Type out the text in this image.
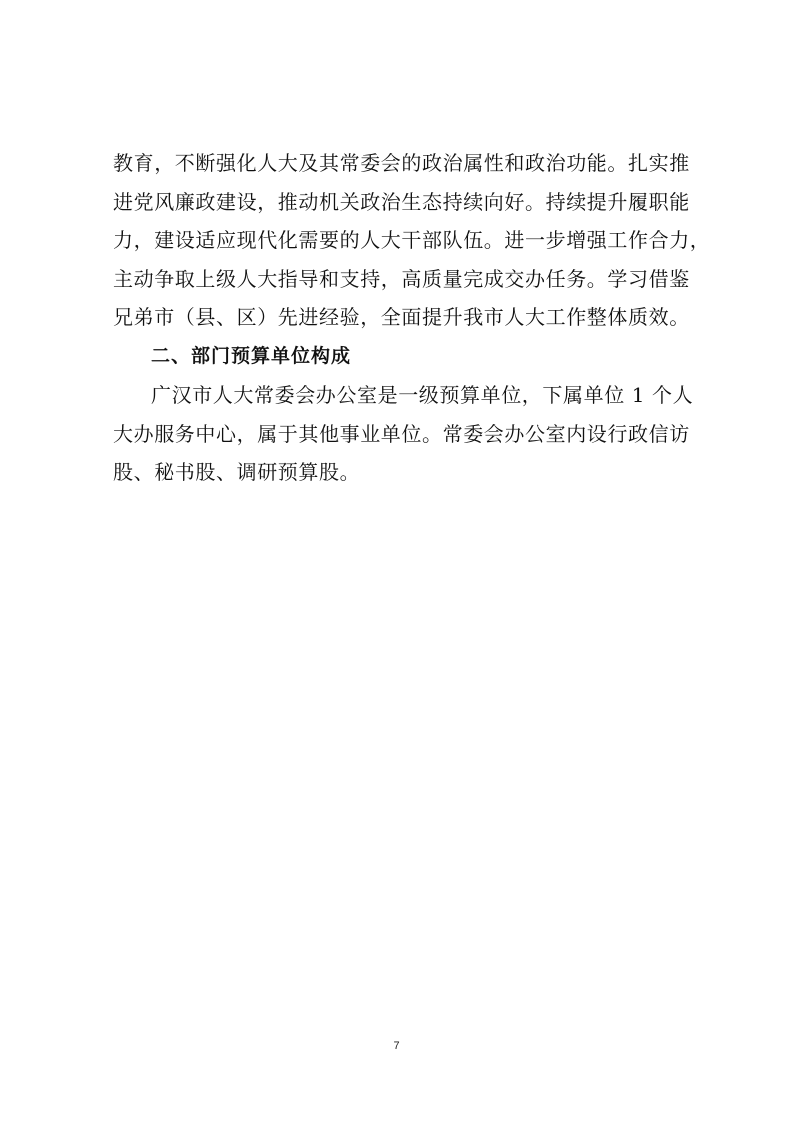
教育，不断强化人大及其常委会的政治属性和政治功能。扎实推
进党风廉政建设，推动机关政治生态持续向好。持续提升履职能
力，建设适应现代化需要的人大干部队伍。进一步增强工作合力，
主动争取上级人大指导和支持，高质量完成交办任务。学习借鉴
兄弟市（县、区）先进经验，全面提升我市人大工作整体质效。
二、部门预算单位构成
广汉市人大常委会办公室是一级预算单位，下属单位 1 个人
大办服务中心，属于其他事业单位。常委会办公室内设行政信访
股、秘书股、调研预算股。
7
